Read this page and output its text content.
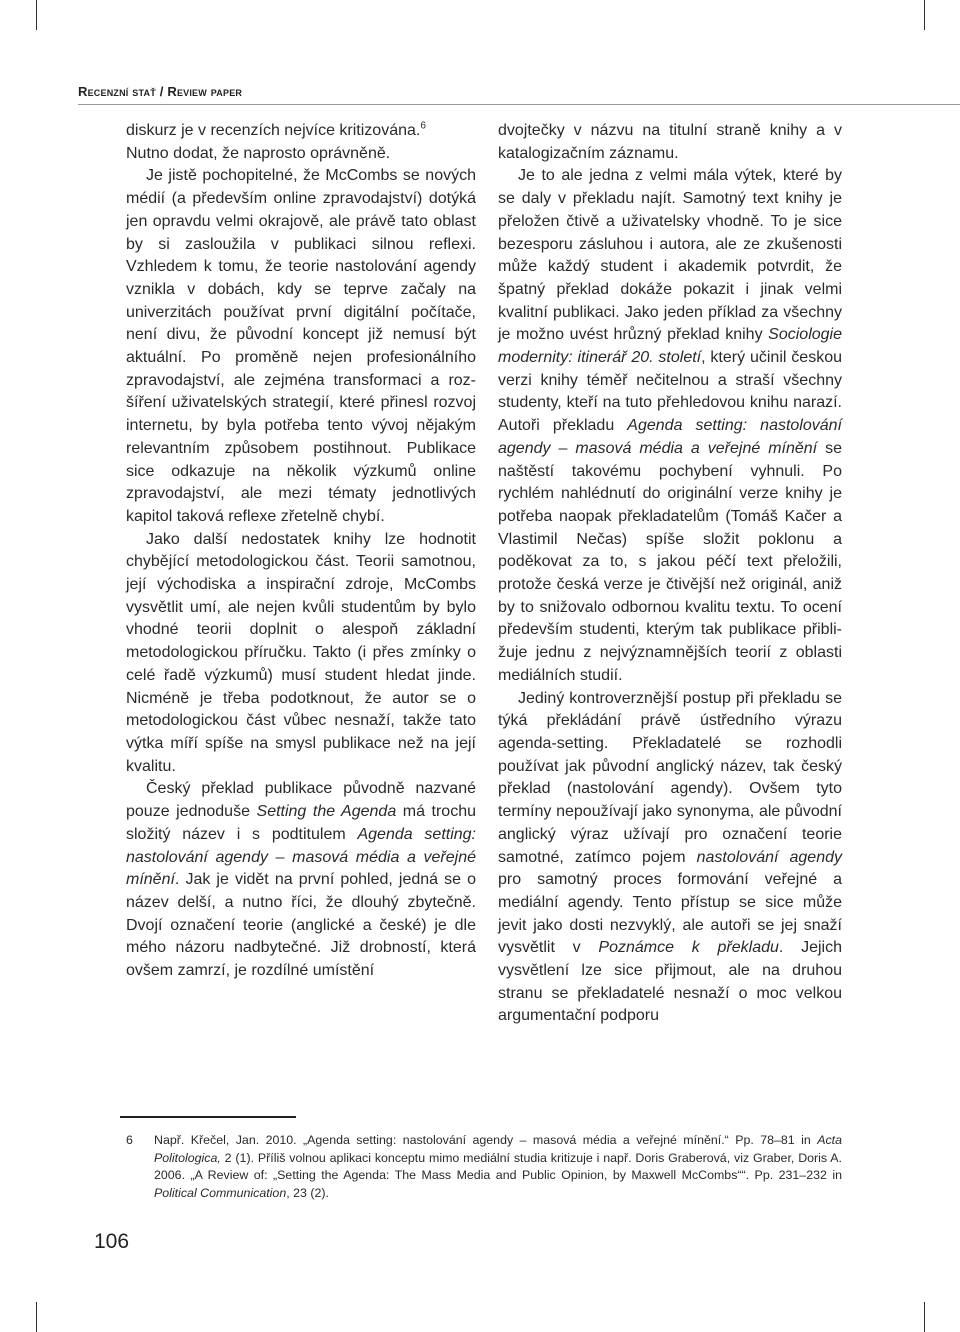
Recenzní stať / Review paper

diskurz je v recenzích nejvíce kritizována.$^6$
Nutno dodat, že naprosto oprávněně.

Je jistě pochopitelné, že McCombs se nových médií (a především online zpravodajství) dotýká jen opravdu velmi okrajově, ale právě tato oblast by si zasloužila v publikaci silnou reflexi. Vzhledem k tomu, že teorie nastolování agendy vznikla v dobách, kdy se teprve začaly na univerzitách používat první digitální počítače, není divu, že původní koncept již nemusí být aktuální. Po proměně nejen profesionálního zpravodajství, ale zejména transformaci a rozšíření uživatelských strategií, které přinesl rozvoj internetu, by byla potřeba tento vývoj nějakým relevantním způsobem postihnout. Publikace sice odkazuje na několik výzkumů online zpravodajství, ale mezi tématy jednotlivých kapitol taková reflexe zřetelně chybí.

Jako další nedostatek knihy lze hodnotit chybějící metodologickou část. Teorii samotnou, její východiska a inspirační zdroje, McCombs vysvětlit umí, ale nejen kvůli studentům by bylo vhodné teorii doplnit o alespoň základní metodologickou příručku. Takto (i přes zmínky o celé řadě výzkumů) musí student hledat jinde. Nicméně je třeba podotknout, že autor se o metodologickou část vůbec nesnaží, takže tato výtka míří spíše na smysl publikace než na její kvalitu.

Český překlad publikace původně nazvané pouze jednoduše Setting the Agenda má trochu složitý název i s podtitulem Agenda setting: nastolování agendy – masová média a veřejné mínění. Jak je vidět na první pohled, jedná se o název delší, a nutno říci, že dlouhý zbytečně. Dvojí označení teorie (anglické a české) je dle mého názoru nadbytečné. Již drobností, která ovšem zamrzí, je rozdílné umístění

dvojtečky v názvu na titulní straně knihy a v katalogizačním záznamu.

Je to ale jedna z velmi mála výtek, které by se daly v překladu najít. Samotný text knihy je přeložen čtivě a uživatelsky vhodně. To je sice bezesporu zásluhou i autora, ale ze zkušenosti může každý student i akademik potvrdit, že špatný překlad dokáže pokazit i jinak velmi kvalitní publikaci. Jako jeden příklad za všechny je možno uvést hrůzný překlad knihy Sociologie modernity: itinerář 20. století, který učinil českou verzi knihy téměř nečitelnou a straší všechny studenty, kteří na tuto přehledovou knihu narazí. Autoři překladu Agenda setting: nastolování agendy – masová média a veřejné mínění se naštěstí takovému pochybení vyhnuli. Po rychlém nahlédnutí do originální verze knihy je potřeba naopak překladatelům (Tomáš Kačer a Vlastimil Nečas) spíše složit poklonu a poděkovat za to, s jakou péčí text přeložili, protože česká verze je čtivější než originál, aniž by to snižovalo odbornou kvalitu textu. To ocení především studenti, kterým tak publikace přibližuje jednu z nejvýznamnějších teorií z oblasti mediálních studií.

Jediný kontroverznější postup při překladu se týká překládání právě ústředního výrazu agenda-setting. Překladatelé se rozhodli používat jak původní anglický název, tak český překlad (nastolování agendy). Ovšem tyto termíny nepoužívají jako synonyma, ale původní anglický výraz užívají pro označení teorie samotné, zatímco pojem nastolování agendy pro samotný proces formování veřejné a mediální agendy. Tento přístup se sice může jevit jako dosti nezvyklý, ale autoři se jej snaží vysvětlit v Poznámce k překladu. Jejich vysvětlení lze sice přijmout, ale na druhou stranu se překladatelé nesnaží o moc velkou argumentační podporu

6	Např. Křečel, Jan. 2010. „Agenda setting: nastolování agendy – masová média a veřejné mínění.“ Pp. 78–81 in Acta Politologica, 2 (1). Příliš volnou aplikaci konceptu mimo mediální studia kritizuje i např. Doris Graberová, viz Graber, Doris A. 2006. „A Review of: „Setting the Agenda: The Mass Media and Public Opinion, by Maxwell McCombs““. Pp. 231–232 in Political Communication, 23 (2).
106
